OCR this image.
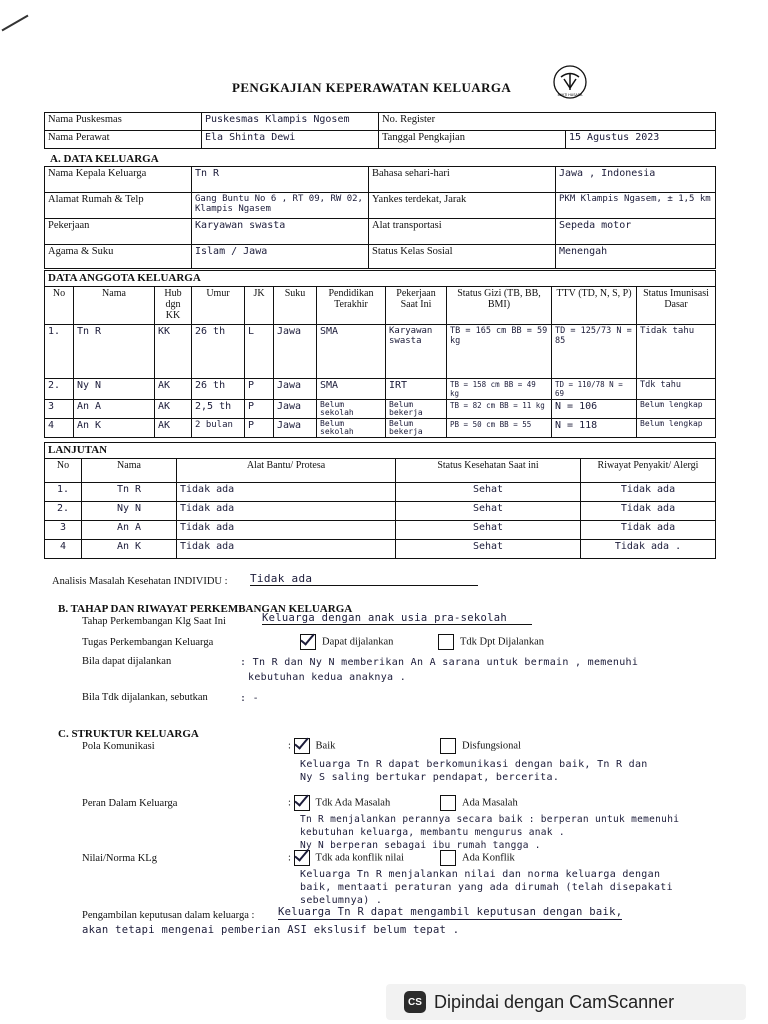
PENGKAJIAN KEPERAWATAN KELUARGA	BAKTI HUSADA
Nama Puskesmas	Puskesmas Klampis Ngosem	No. Register	
Nama Perawat	Ela Shinta Dewi	Tanggal Pengkajian	15 Agustus 2023
A. DATA KELUARGA
Nama Kepala Keluarga	Tn R	Bahasa sehari-hari	Jawa , Indonesia
Alamat Rumah & Telp	Gang Buntu No 6 , RT 09, RW 02, Klampis Ngasem	Yankes terdekat, Jarak	PKM Klampis Ngasem, ± 1,5 km
Pekerjaan	Karyawan swasta	Alat transportasi	Sepeda motor
Agama & Suku	Islam / Jawa	Status Kelas Sosial	Menengah
DATA ANGGOTA KELUARGA										
No	Nama	Hub dgn KK	Umur	JK	Suku	Pendidikan Terakhir	Pekerjaan Saat Ini	Status Gizi (TB, BB, BMI)	TTV (TD, N, S, P)	Status Imunisasi Dasar
1.	Tn R	KK	26 th	L	Jawa	SMA	Karyawan swasta	TB = 165 cm BB = 59 kg	TD = 125/73 N = 85	Tidak tahu
2.	Ny N	AK	26 th	P	Jawa	SMA	IRT	TB = 158 cm BB = 49 kg	TD = 110/78 N = 69	Tdk tahu
3	An A	AK	2,5 th	P	Jawa	Belum sekolah	Belum bekerja	TB = 82 cm BB = 11 kg	N = 106	Belum lengkap
4	An K	AK	2 bulan	P	Jawa	Belum sekolah	Belum bekerja	PB = 50 cm BB = 55	N = 118	Belum lengkap
LANJUTAN				
No	Nama	Alat Bantu/ Protesa	Status Kesehatan Saat ini	Riwayat Penyakit/ Alergi
1.	Tn R	Tidak ada	Sehat	Tidak ada
2.	Ny N	Tidak ada	Sehat	Tidak ada
3	An A	Tidak ada	Sehat	Tidak ada
4	An K	Tidak ada	Sehat	Tidak ada .
Analisis Masalah Kesehatan INDIVIDU : Tidak ada
B. TAHAP DAN RIWAYAT PERKEMBANGAN KELUARGA
Tahap Perkembangan Klg Saat Ini	Keluarga dengan anak usia pra-sekolah
Tugas Perkembangan Keluarga	Dapat dijalankan	Tdk Dpt Dijalankan
Bila dapat dijalankan	: Tn R dan Ny N memberikan An A sarana untuk bermain , memenuhi
kebutuhan kedua anaknya .
Bila Tdk dijalankan, sebutkan	: -
C. STRUKTUR KELUARGA
Pola Komunikasi	: Baik	Disfungsional
Keluarga Tn R dapat berkomunikasi dengan baik, Tn R dan
Ny S saling bertukar pendapat, bercerita.
Peran Dalam Keluarga	: Tdk Ada Masalah	Ada Masalah
Tn R menjalankan perannya secara baik : berperan untuk memenuhi
kebutuhan keluarga, membantu mengurus anak .
Ny N berperan sebagai ibu rumah tangga .
Nilai/Norma KLg	: Tdk ada konflik nilai	Ada Konflik
Keluarga Tn R menjalankan nilai dan norma keluarga dengan
baik, mentaati peraturan yang ada dirumah (telah disepakati
sebelumnya) .
Pengambilan keputusan dalam keluarga : Keluarga Tn R dapat mengambil keputusan dengan baik,
akan tetapi mengenai pemberian ASI ekslusif belum tepat .
CS Dipindai dengan CamScanner
